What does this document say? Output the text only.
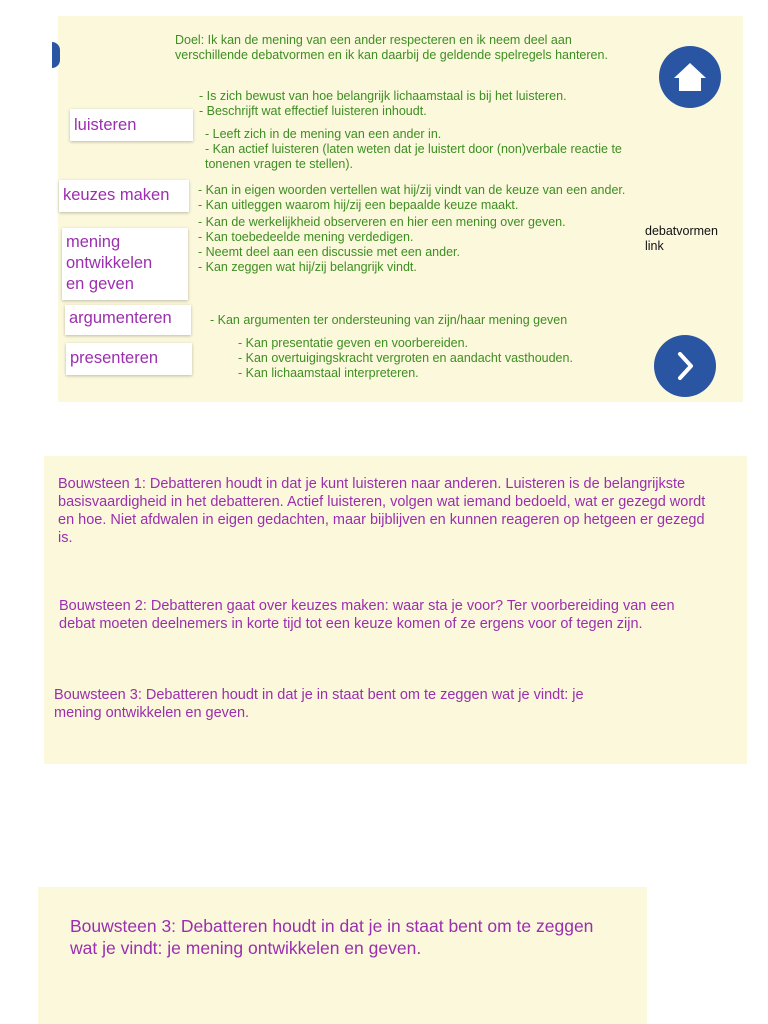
Doel: Ik kan de mening van een ander respecteren en ik neem deel aan verschillende debatvormen en ik kan daarbij de geldende spelregels hanteren.

- Is zich bewust van hoe belangrijk lichaamstaal is bij het luisteren.
- Beschrijft wat effectief luisteren inhoudt.
- Leeft zich in de mening van een ander in.
- Kan actief luisteren (laten weten dat je luistert door (non)verbale reactie te tonenen vragen te stellen).
- Kan in eigen woorden vertellen wat hij/zij vindt van de keuze van een ander.
- Kan uitleggen waarom hij/zij een bepaalde keuze maakt.
- Kan de werkelijkheid observeren en hier een mening over geven.
- Kan toebedeelde mening verdedigen.
- Neemt deel aan een discussie met een ander.
- Kan zeggen wat hij/zij belangrijk vindt.
- Kan argumenten ter ondersteuning van zijn/haar mening geven
- Kan presentatie geven en voorbereiden.
- Kan overtuigingskracht vergroten en aandacht vasthouden.
- Kan lichaamstaal interpreteren.
luisteren
keuzes maken
mening
ontwikkelen
en geven
argumenteren
presenteren
debatvormen
link

Bouwsteen 1: Debatteren houdt in dat je kunt luisteren naar anderen. Luisteren is de belangrijkste basisvaardigheid in het debatteren. Actief luisteren, volgen wat iemand bedoeld, wat er gezegd wordt en hoe. Niet afdwalen in eigen gedachten, maar bijblijven en kunnen reageren op hetgeen er gezegd is.

Bouwsteen 2: Debatteren gaat over keuzes maken: waar sta je voor? Ter voorbereiding van een debat moeten deelnemers in korte tijd tot een keuze komen of ze ergens voor of tegen zijn.

Bouwsteen 3: Debatteren houdt in dat je in staat bent om te zeggen wat je vindt: je mening ontwikkelen en geven.

Bouwsteen 3: Debatteren houdt in dat je in staat bent om te zeggen wat je vindt: je mening ontwikkelen en geven.
